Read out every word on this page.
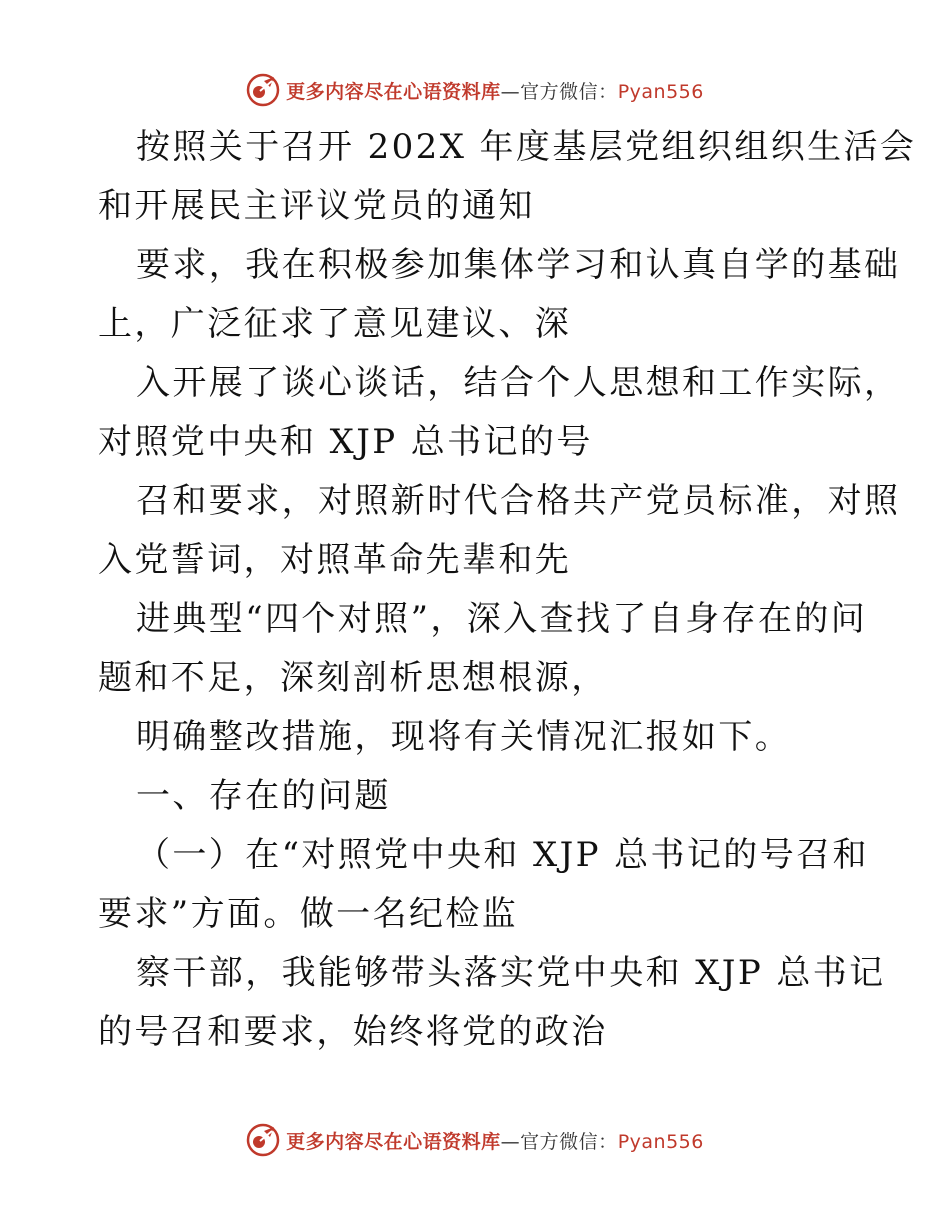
更多内容尽在心语资料库—官方微信：Pyan556
按照关于召开 202X 年度基层党组织组织生活会
和开展民主评议党员的通知
要求，我在积极参加集体学习和认真自学的基础
上，广泛征求了意见建议、深
入开展了谈心谈话，结合个人思想和工作实际，
对照党中央和 XJP 总书记的号
召和要求，对照新时代合格共产党员标准，对照
入党誓词，对照革命先辈和先
进典型“四个对照”，深入查找了自身存在的问
题和不足，深刻剖析思想根源，
明确整改措施，现将有关情况汇报如下。
一、存在的问题
（一）在“对照党中央和 XJP 总书记的号召和
要求”方面。做一名纪检监
察干部，我能够带头落实党中央和 XJP 总书记
的号召和要求，始终将党的政治
更多内容尽在心语资料库—官方微信：Pyan556
